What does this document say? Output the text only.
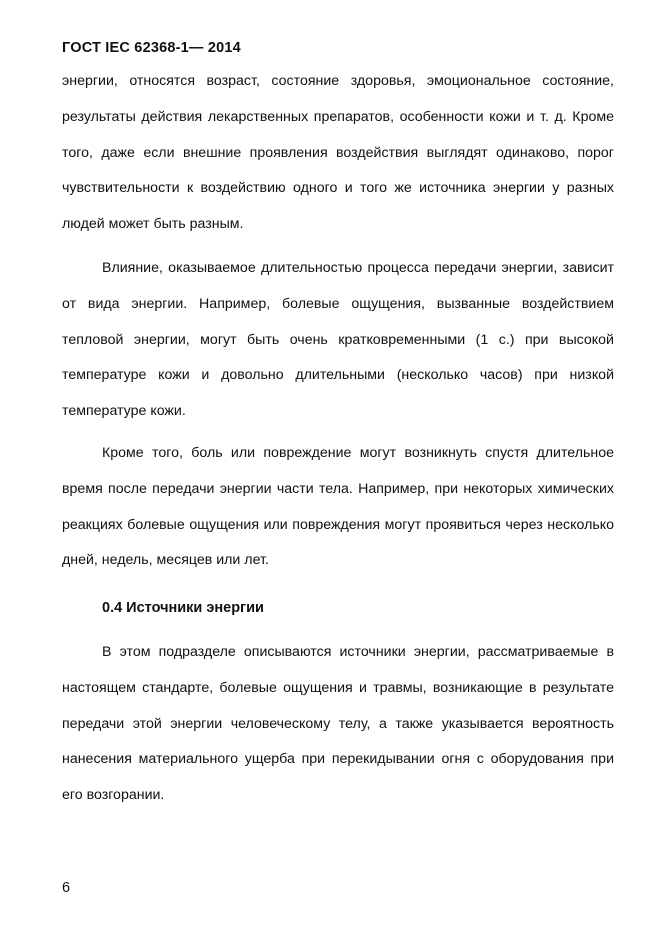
ГОСТ IEC 62368-1— 2014

энергии, относятся возраст, состояние здоровья, эмоциональное состояние, результаты действия лекарственных препаратов, особенности кожи и т. д. Кроме того, даже если внешние проявления воздействия выглядят одинаково, порог чувствительности к воздействию одного и того же источника энергии у разных людей может быть разным.

Влияние, оказываемое длительностью процесса передачи энергии, зависит от вида энергии. Например, болевые ощущения, вызванные воздействием тепловой энергии, могут быть очень кратковременными (1 с.) при высокой температуре кожи и довольно длительными (несколько часов) при низкой температуре кожи.

Кроме того, боль или повреждение могут возникнуть спустя длительное время после передачи энергии части тела. Например, при некоторых химических реакциях болевые ощущения или повреждения могут проявиться через несколько дней, недель, месяцев или лет.

0.4 Источники энергии

В этом подразделе описываются источники энергии, рассматриваемые в настоящем стандарте, болевые ощущения и травмы, возникающие в результате передачи этой энергии человеческому телу, а также указывается вероятность нанесения материального ущерба при перекидывании огня с оборудования при его возгорании.

6
